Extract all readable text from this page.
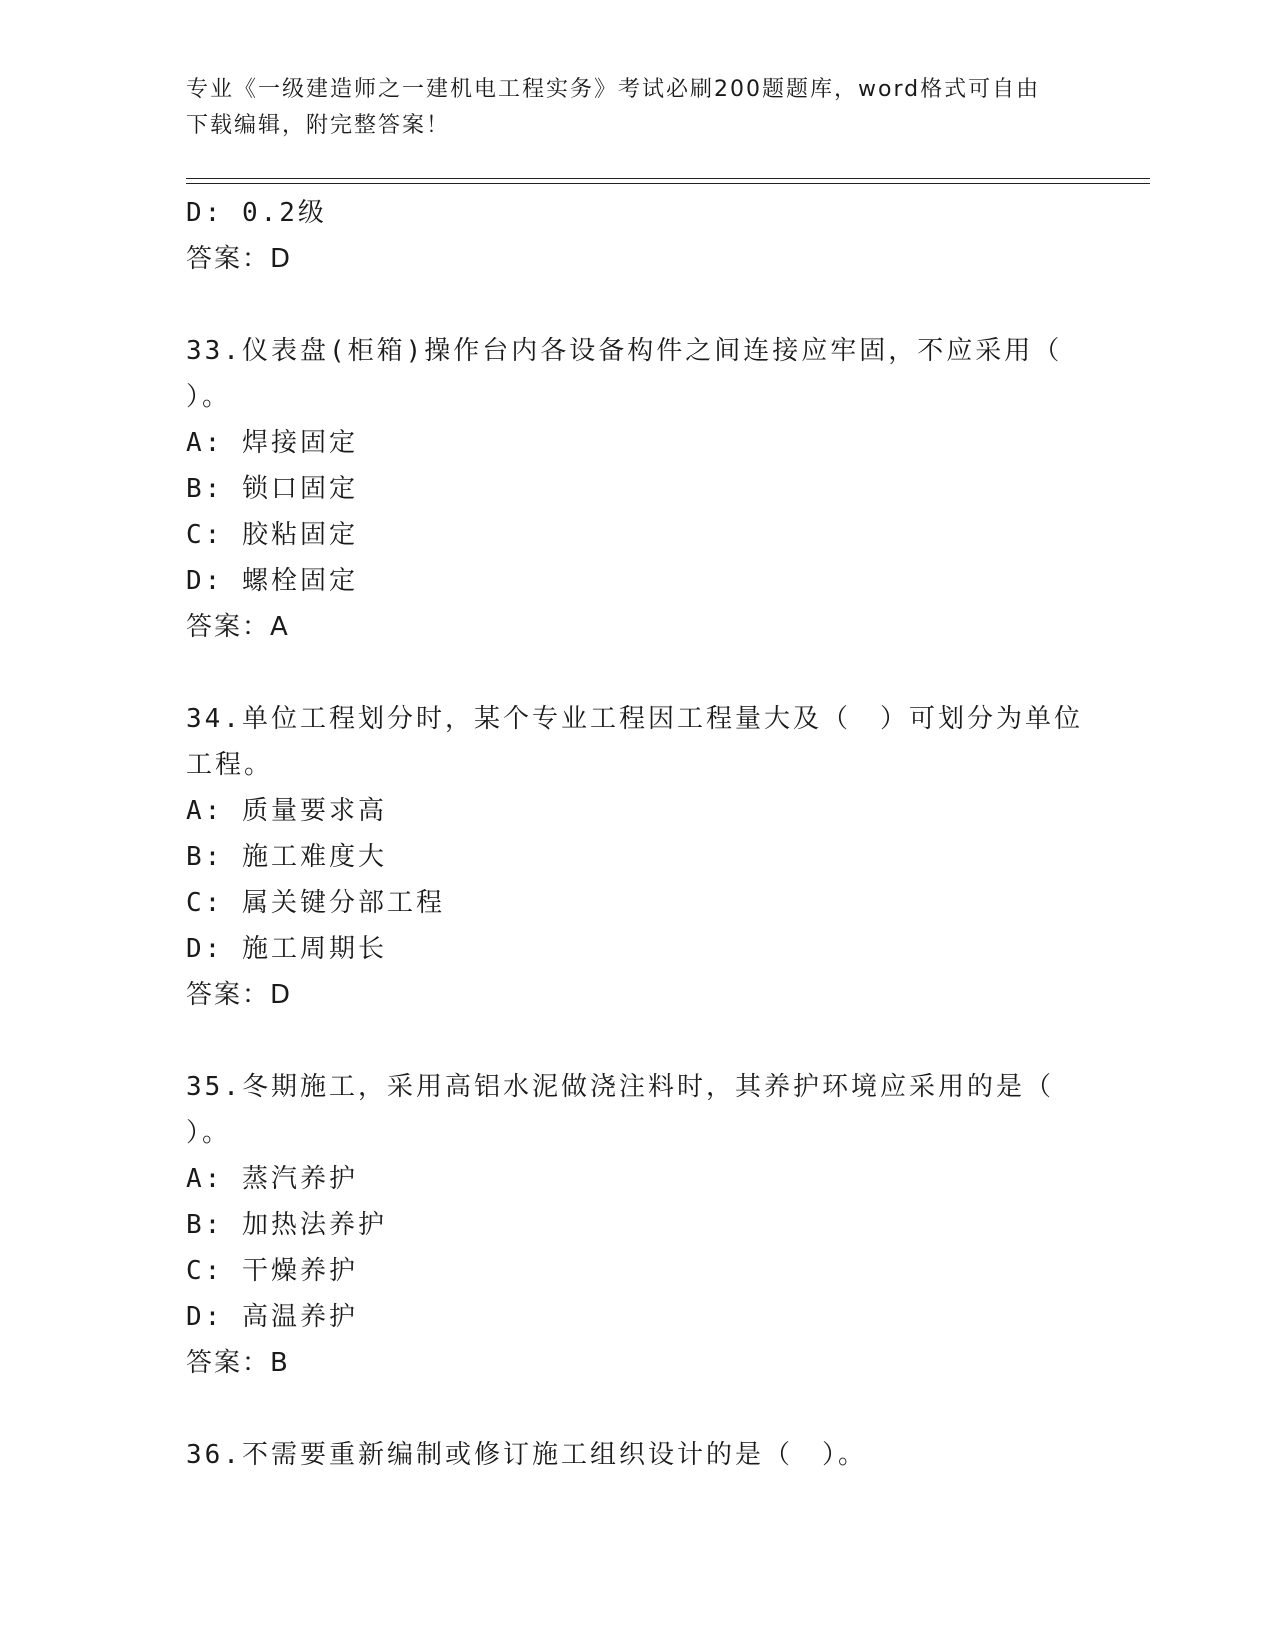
专业《一级建造师之一建机电工程实务》考试必刷200题题库，word格式可自由
下载编辑，附完整答案！
D: 0.2级
答案：D
33.仪表盘(柜箱)操作台内各设备构件之间连接应牢固，不应采用（
）。
A: 焊接固定
B: 锁口固定
C: 胶粘固定
D: 螺栓固定
答案：A
34.单位工程划分时，某个专业工程因工程量大及（　）可划分为单位
工程。
A: 质量要求高
B: 施工难度大
C: 属关键分部工程
D: 施工周期长
答案：D
35.冬期施工，采用高铝水泥做浇注料时，其养护环境应采用的是（
）。
A: 蒸汽养护
B: 加热法养护
C: 干燥养护
D: 高温养护
答案：B
36.不需要重新编制或修订施工组织设计的是（　）。
